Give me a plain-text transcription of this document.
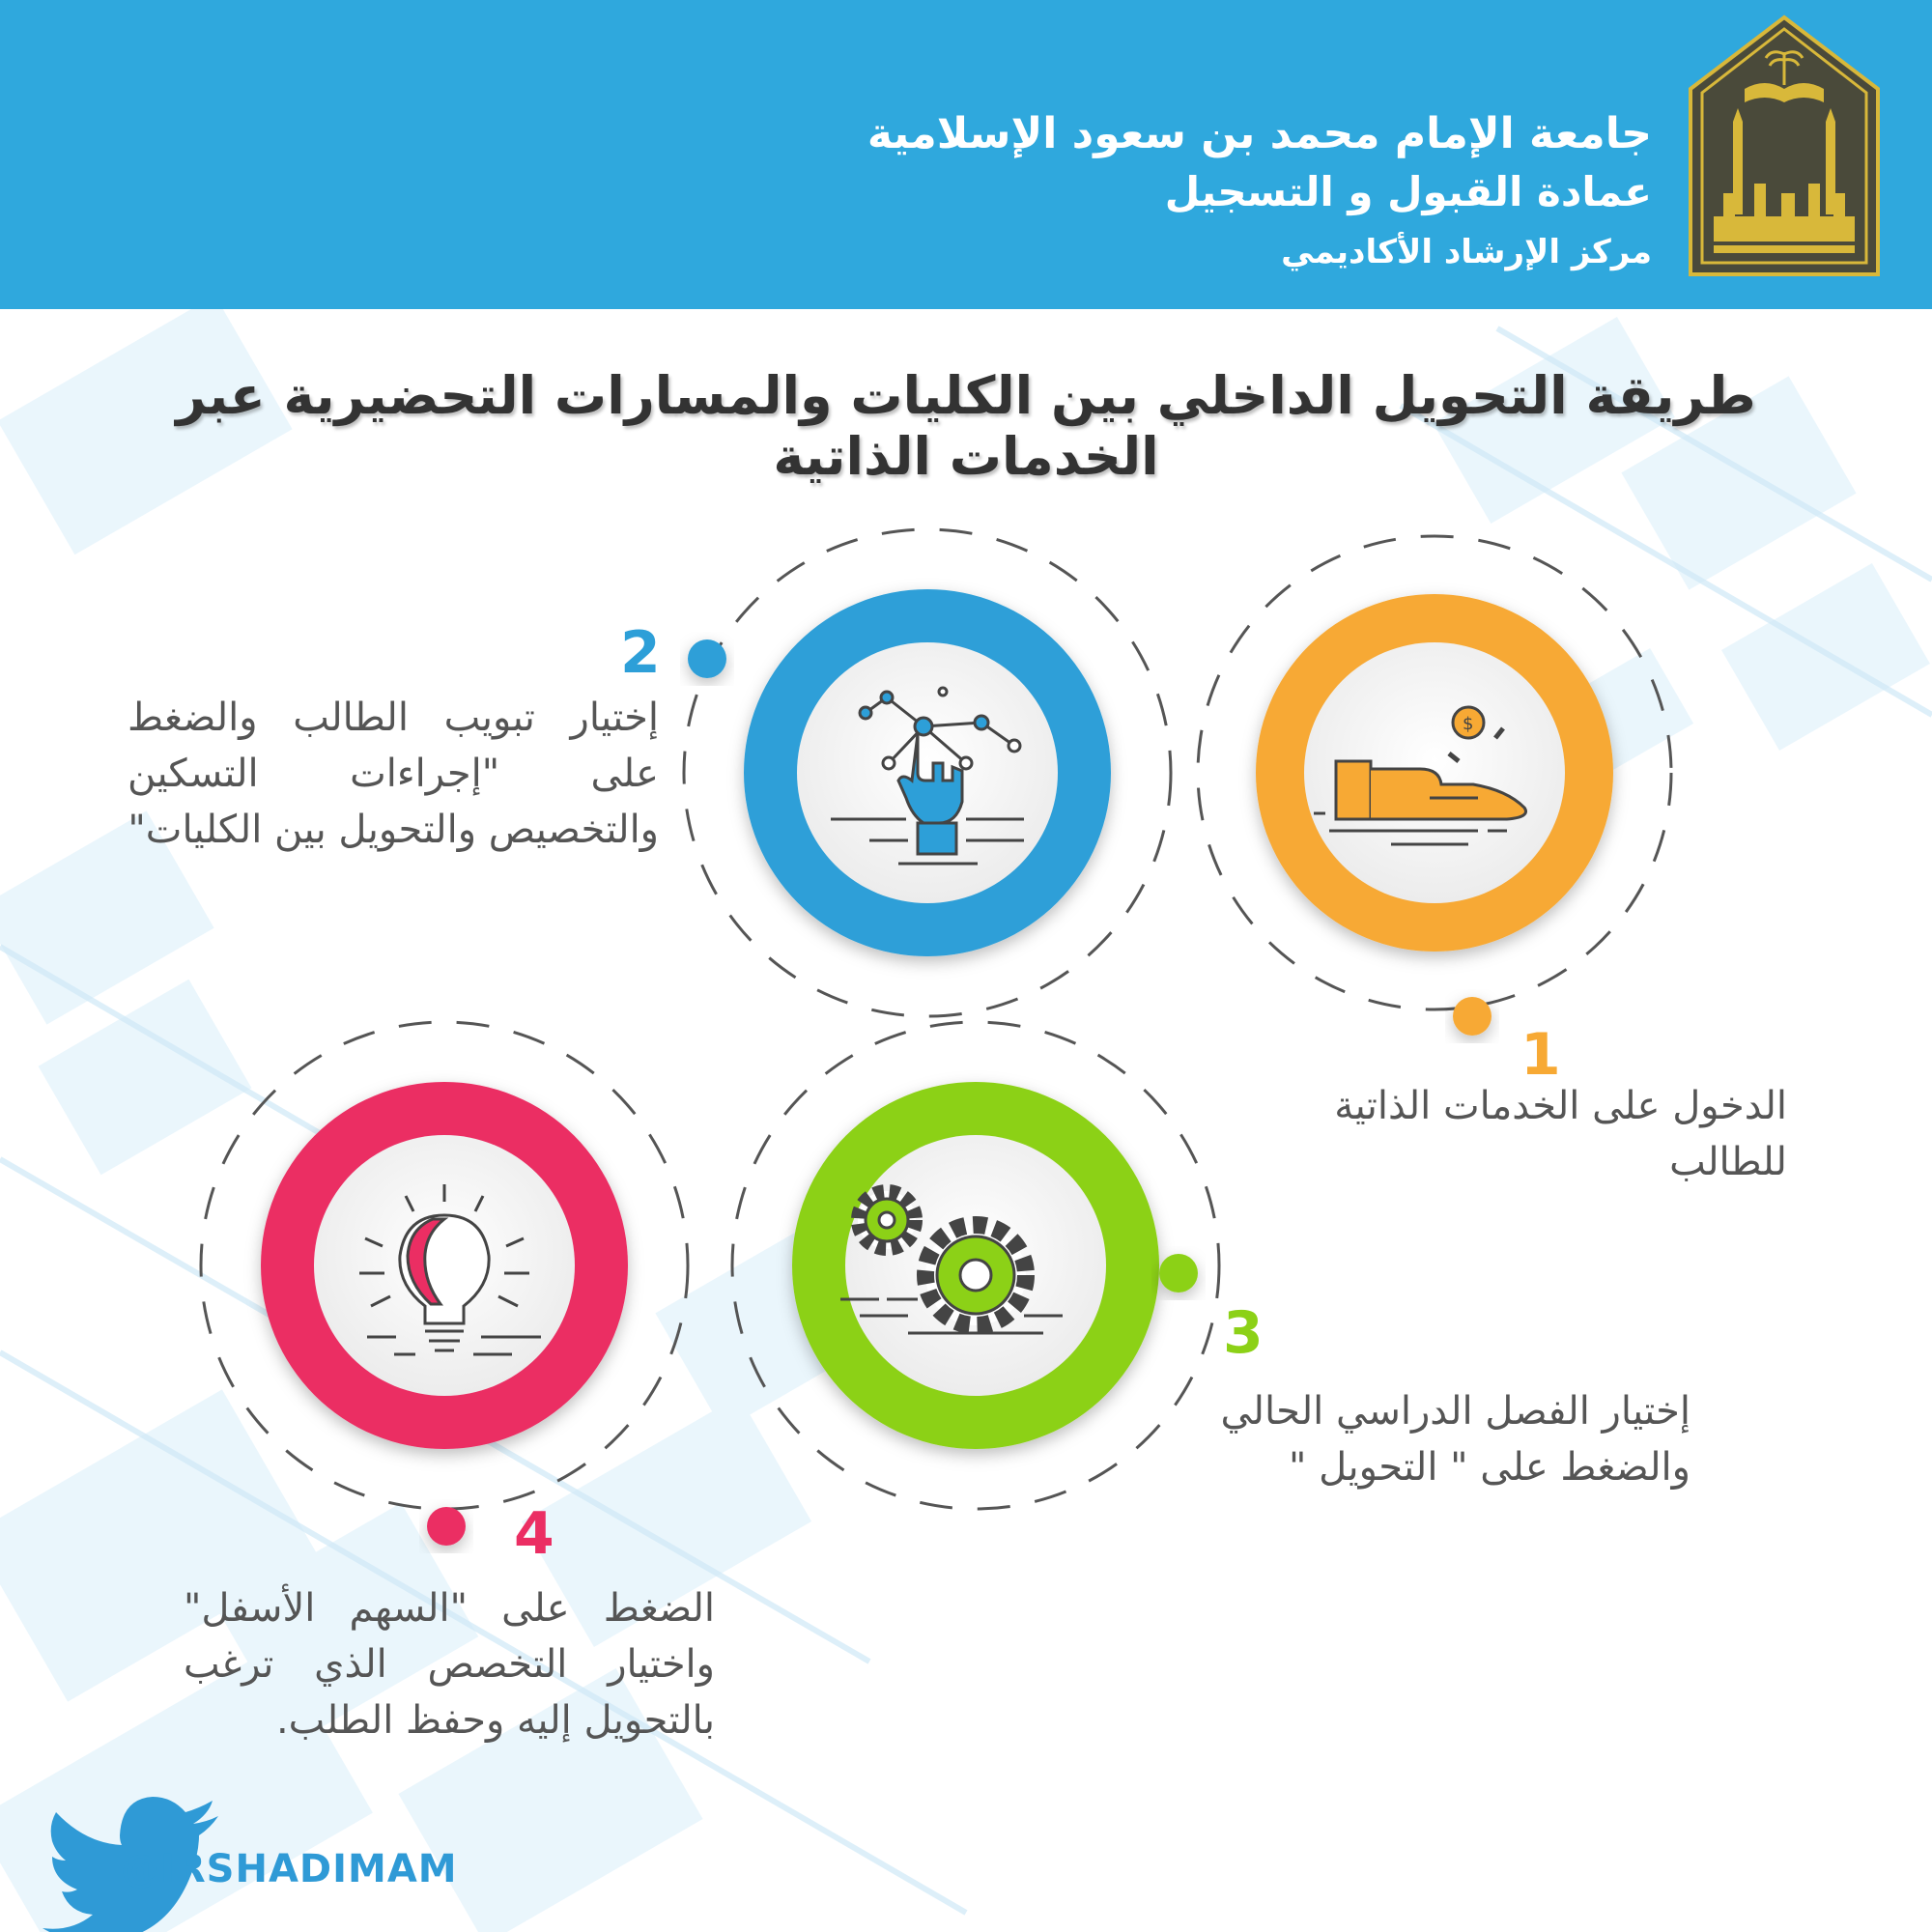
جامعة الإمام محمد بن سعود الإسلامية
عمادة القبول و التسجيل
مركز الإرشاد الأكاديمي
طريقة التحويل الداخلي بين الكليات والمسارات التحضيرية عبر الخدمات الذاتية
$
1
الدخول على الخدمات الذاتية للطالب
2
إختيار تبويب الطالب والضغط على "إجراءات التسكين والتخصيص والتحويل بين الكليات"
3
إختيار الفصل الدراسي الحالي والضغط على " التحويل "
4
الضغط على "السهم الأسفل" واختيار التخصص الذي ترغب بالتحويل إليه وحفظ الطلب.
@IRSHADIMAM
